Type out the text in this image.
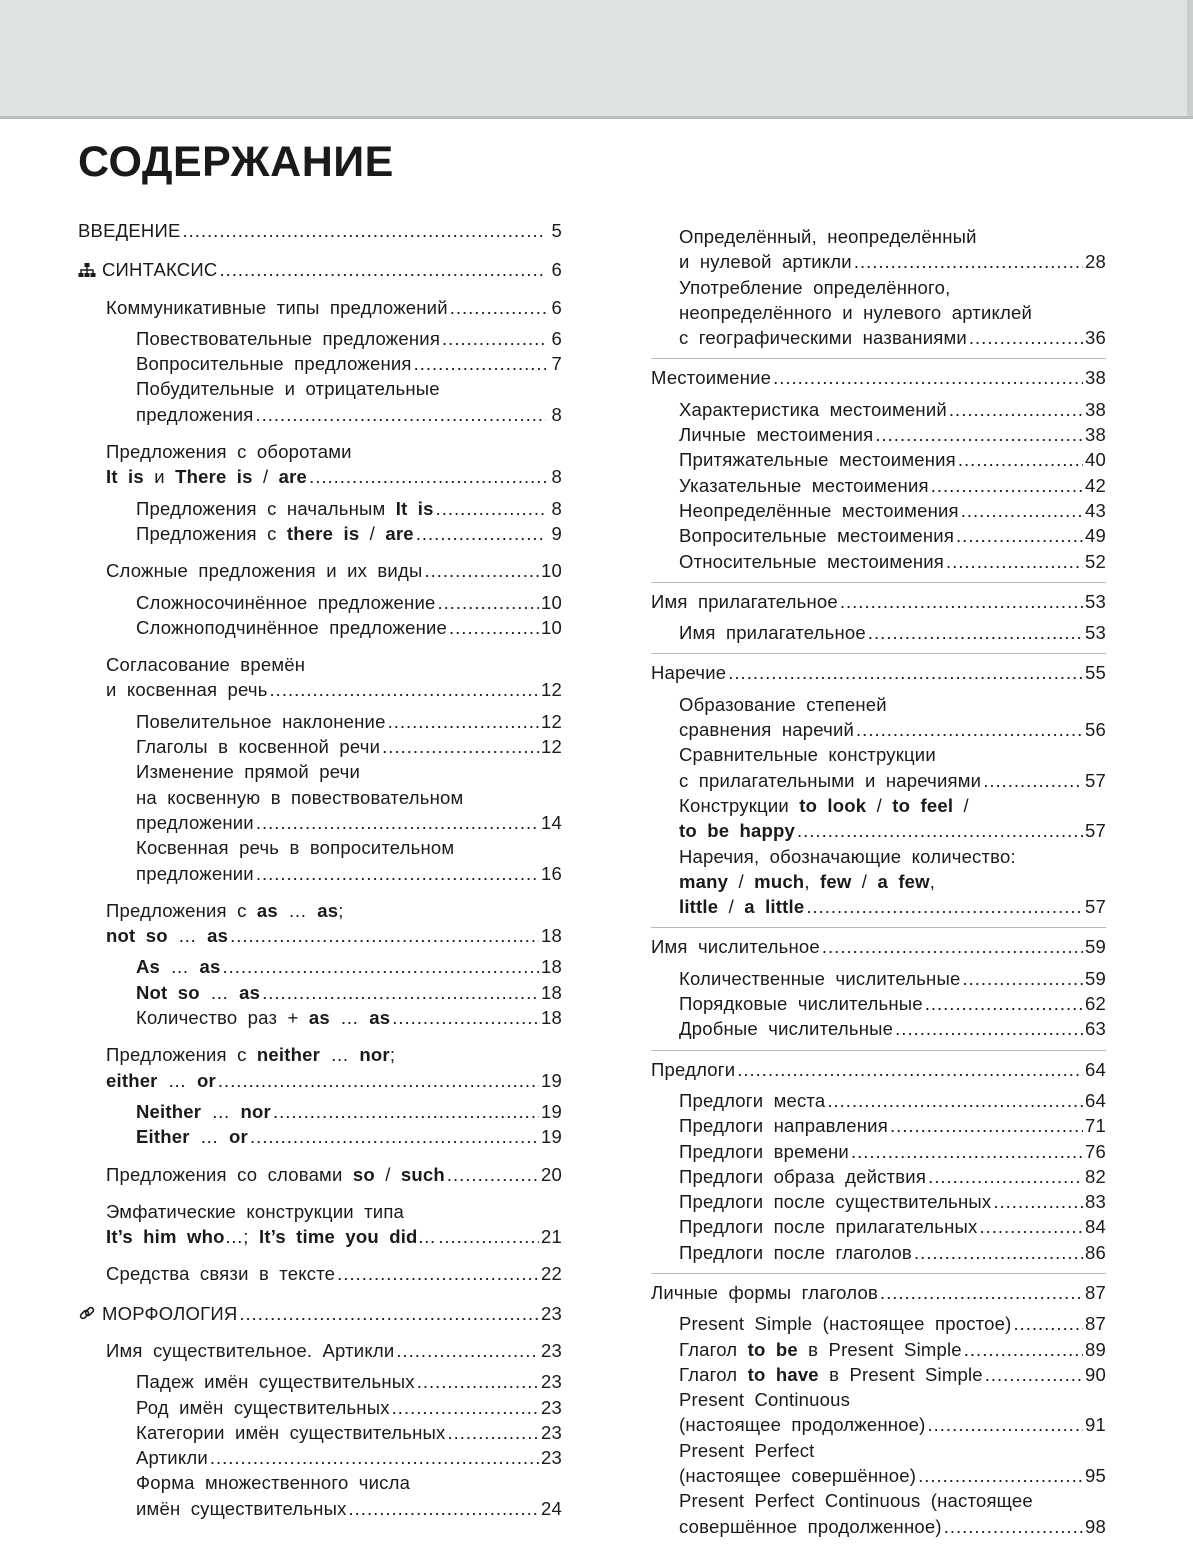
СОДЕРЖАНИЕ
ВВЕДЕНИЕ .....	5
СИНТАКСИС .....	6
Коммуникативные типы предложений .....	6
Повествовательные предложения .....	6
Вопросительные предложения .....	7
Побудительные и отрицательные
предложения .....	8
Предложения с оборотами
It is и There is / are .....	8
Предложения с начальным It is .....	8
Предложения с there is / are .....	9
Сложные предложения и их виды .....	10
Сложносочинённое предложение .....	10
Сложноподчинённое предложение .....	10
Согласование времён
и косвенная речь .....	12
Повелительное наклонение .....	12
Глаголы в косвенной речи .....	12
Изменение прямой речи
на косвенную в повествовательном
предложении .....	14
Косвенная речь в вопросительном
предложении .....	16
Предложения с as … as;
not so … as .....	18
As … as .....	18
Not so … as .....	18
Количество раз + as … as .....	18
Предложения с neither … nor;
either … or .....	19
Neither … nor .....	19
Either … or .....	19
Предложения со словами so / such .....	20
Эмфатические конструкции типа
It’s him who…; It’s time you did… .....	21
Средства связи в тексте .....	22
МОРФОЛОГИЯ .....	23
Имя существительное. Артикли .....	23
Падеж имён существительных .....	23
Род имён существительных .....	23
Категории имён существительных .....	23
Артикли .....	23
Форма множественного числа
имён существительных .....	24
Определённый, неопределённый
и нулевой артикли .....	28
Употребление определённого,
неопределённого и нулевого артиклей
с географическими названиями .....	36
Местоимение .....	38
Характеристика местоимений .....	38
Личные местоимения .....	38
Притяжательные местоимения .....	40
Указательные местоимения .....	42
Неопределённые местоимения .....	43
Вопросительные местоимения .....	49
Относительные местоимения .....	52
Имя прилагательное .....	53
Имя прилагательное .....	53
Наречие .....	55
Образование степеней
сравнения наречий .....	56
Сравнительные конструкции
с прилагательными и наречиями .....	57
Конструкции to look / to feel /
to be happy .....	57
Наречия, обозначающие количество:
many / much, few / a few,
little / a little .....	57
Имя числительное .....	59
Количественные числительные .....	59
Порядковые числительные .....	62
Дробные числительные .....	63
Предлоги .....	64
Предлоги места .....	64
Предлоги направления .....	71
Предлоги времени .....	76
Предлоги образа действия .....	82
Предлоги после существительных .....	83
Предлоги после прилагательных .....	84
Предлоги после глаголов .....	86
Личные формы глаголов .....	87
Present Simple (настоящее простое) .....	87
Глагол to be в Present Simple .....	89
Глагол to have в Present Simple .....	90
Present Continuous
(настоящее продолженное) .....	91
Present Perfect
(настоящее совершённое) .....	95
Present Perfect Continuous (настоящее
совершённое продолженное) .....	98
